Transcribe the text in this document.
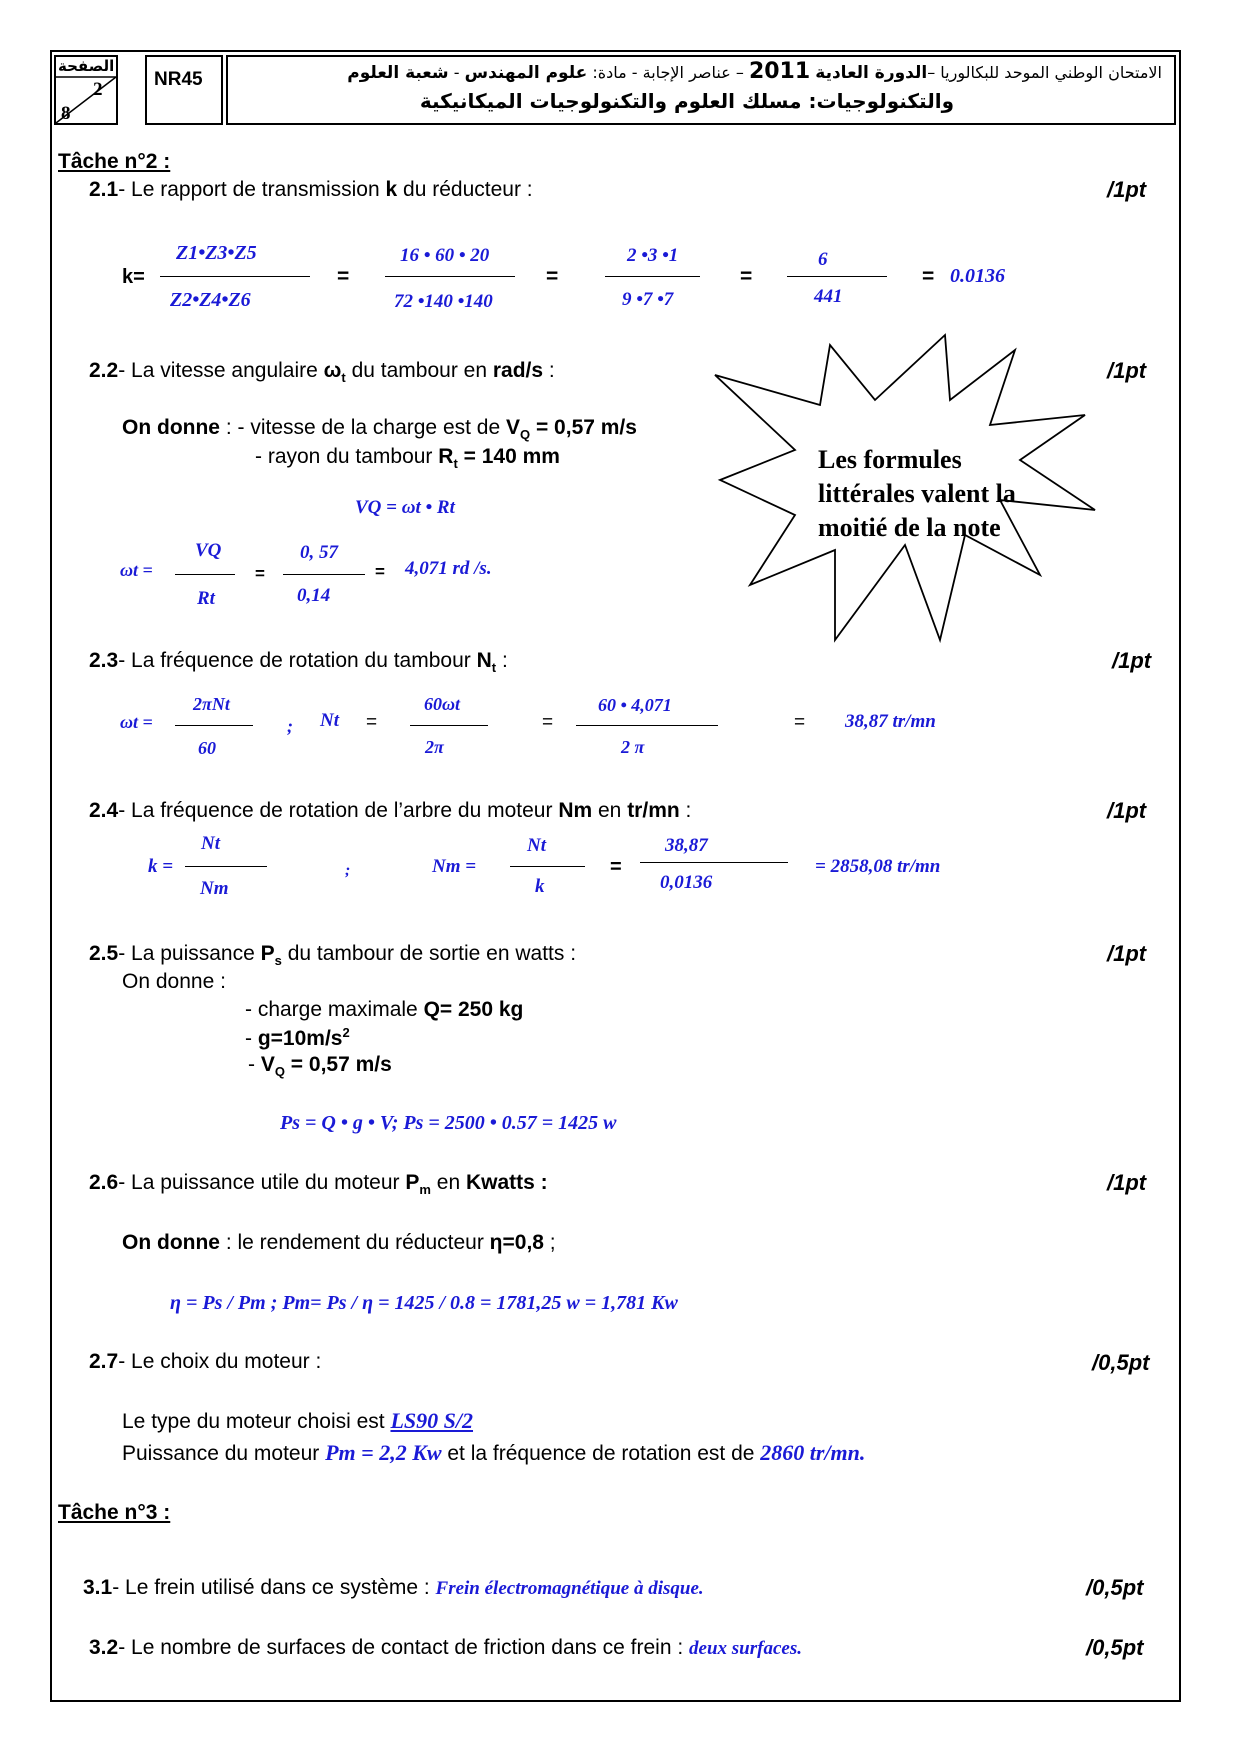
الصفحة
2
8
NR45	الامتحان الوطني الموحد للبكالوريا –الدورة العادية 2011 – عناصر الإجابة - مادة: علوم المهندس - شعبة العلوم
والتكنولوجيات: مسلك العلوم والتكنولوجيات الميكانيكية
Tâche n°2 :
2.1- Le rapport de transmission k du réducteur :	/1pt
k=
Z1•Z3•Z5
Z2•Z4•Z6
=
16 • 60 • 20
72 •140 •140
=
2 •3 •1
9 •7 •7
=
6
441
= 0.0136
2.2- La vitesse angulaire $\omega_t$ du tambour en rad/s :	/1pt
On donne : - vitesse de la charge est de $V_Q = 0,57$ m/s
- rayon du tambour $R_t = 140$ mm
VQ = ωt • Rt
ωt =
VQ
Rt
=
0, 57
0,14
= 4,071 rd /s.
Les formules
littérales valent la
moitié de la note
2.3- La fréquence de rotation du tambour $N_t$ :	/1pt
ωt =
2πNt
60
; Nt =
60ωt
2π
=
60 • 4,071
2 π
= 38,87 tr/mn
2.4- La fréquence de rotation de l’arbre du moteur Nm en tr/mn :	/1pt
k =
Nt
Nm
;	Nm =
Nt
k
=
38,87
0,0136
= 2858,08 tr/mn
2.5- La puissance $P_s$ du tambour de sortie en watts :	/1pt
On donne :
- charge maximale Q= 250 kg
- $g=10m/s^2$
- $V_Q = 0,57$ m/s
Ps = Q • g • V; Ps = 2500 • 0.57 = 1425 w
2.6- La puissance utile du moteur $P_m$ en Kwatts :	/1pt
On donne : le rendement du réducteur η=0,8 ;
η = Ps / Pm ; Pm= Ps / η = 1425 / 0.8 = 1781,25 w = 1,781 Kw
2.7- Le choix du moteur :	/0,5pt
Le type du moteur choisi est LS90 S/2
Puissance du moteur Pm = 2,2 Kw et la fréquence de rotation est de 2860 tr/mn.
Tâche n°3 :
3.1- Le frein utilisé dans ce système : Frein électromagnétique à disque.	/0,5pt
3.2- Le nombre de surfaces de contact de friction dans ce frein : deux surfaces.	/0,5pt
